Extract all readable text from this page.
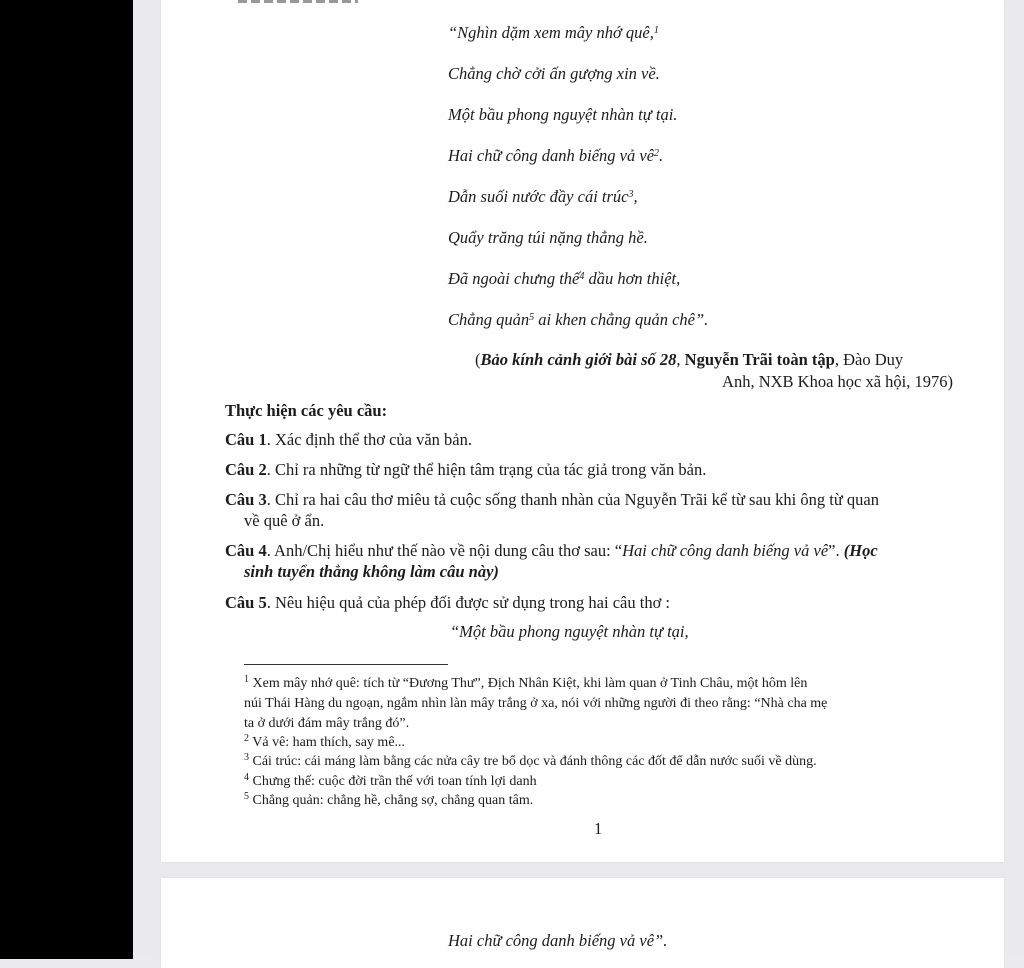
“Nghìn dặm xem mây nhớ quê,$^1$
Chẳng chờ cởi ấn gượng xin về.
Một bầu phong nguyệt nhàn tự tại.
Hai chữ công danh biếng vả $vê^2$.
Dẫn suối nước đầy cái trúc$^3$,
Quẩy trăng túi nặng thẳng hề.
Đã ngoài chưng thế$^4$ dầu hơn thiệt,
Chẳng quản$^5$ ai khen chẳng quản chê”.
(Bảo kính cảnh giới bài số 28, Nguyễn Trãi toàn tập, Đào Duy
Anh, NXB Khoa học xã hội, 1976)
Thực hiện các yêu cầu:
Câu 1. Xác định thể thơ của văn bản.
Câu 2. Chỉ ra những từ ngữ thể hiện tâm trạng của tác giả trong văn bản.
Câu 3. Chỉ ra hai câu thơ miêu tả cuộc sống thanh nhàn của Nguyễn Trãi kể từ sau khi ông từ quan
về quê ở ẩn.
Câu 4. Anh/Chị hiểu như thế nào về nội dung câu thơ sau: “Hai chữ công danh biếng vả vê”. (Học
sinh tuyển thẳng không làm câu này)
Câu 5. Nêu hiệu quả của phép đối được sử dụng trong hai câu thơ :
“Một bầu phong nguyệt nhàn tự tại,
$^1$ Xem mây nhớ quê: tích từ “Đương Thư”, Địch Nhân Kiệt, khi làm quan ở Tinh Châu, một hôm lên
núi Thái Hàng du ngoạn, ngắm nhìn làn mây trắng ở xa, nói với những người đi theo rằng: “Nhà cha mẹ
ta ở dưới đám mây trắng đó”.
$^2$ Vả vê: ham thích, say mê...
$^3$ Cái trúc: cái máng làm bằng các nửa cây tre bổ dọc và đánh thông các đốt để dẫn nước suối về dùng.
$^4$ Chưng thế: cuộc đời trần thế với toan tính lợi danh
$^5$ Chẳng quản: chẳng hề, chẳng sợ, chẳng quan tâm.
1
Hai chữ công danh biếng vả vê”.
